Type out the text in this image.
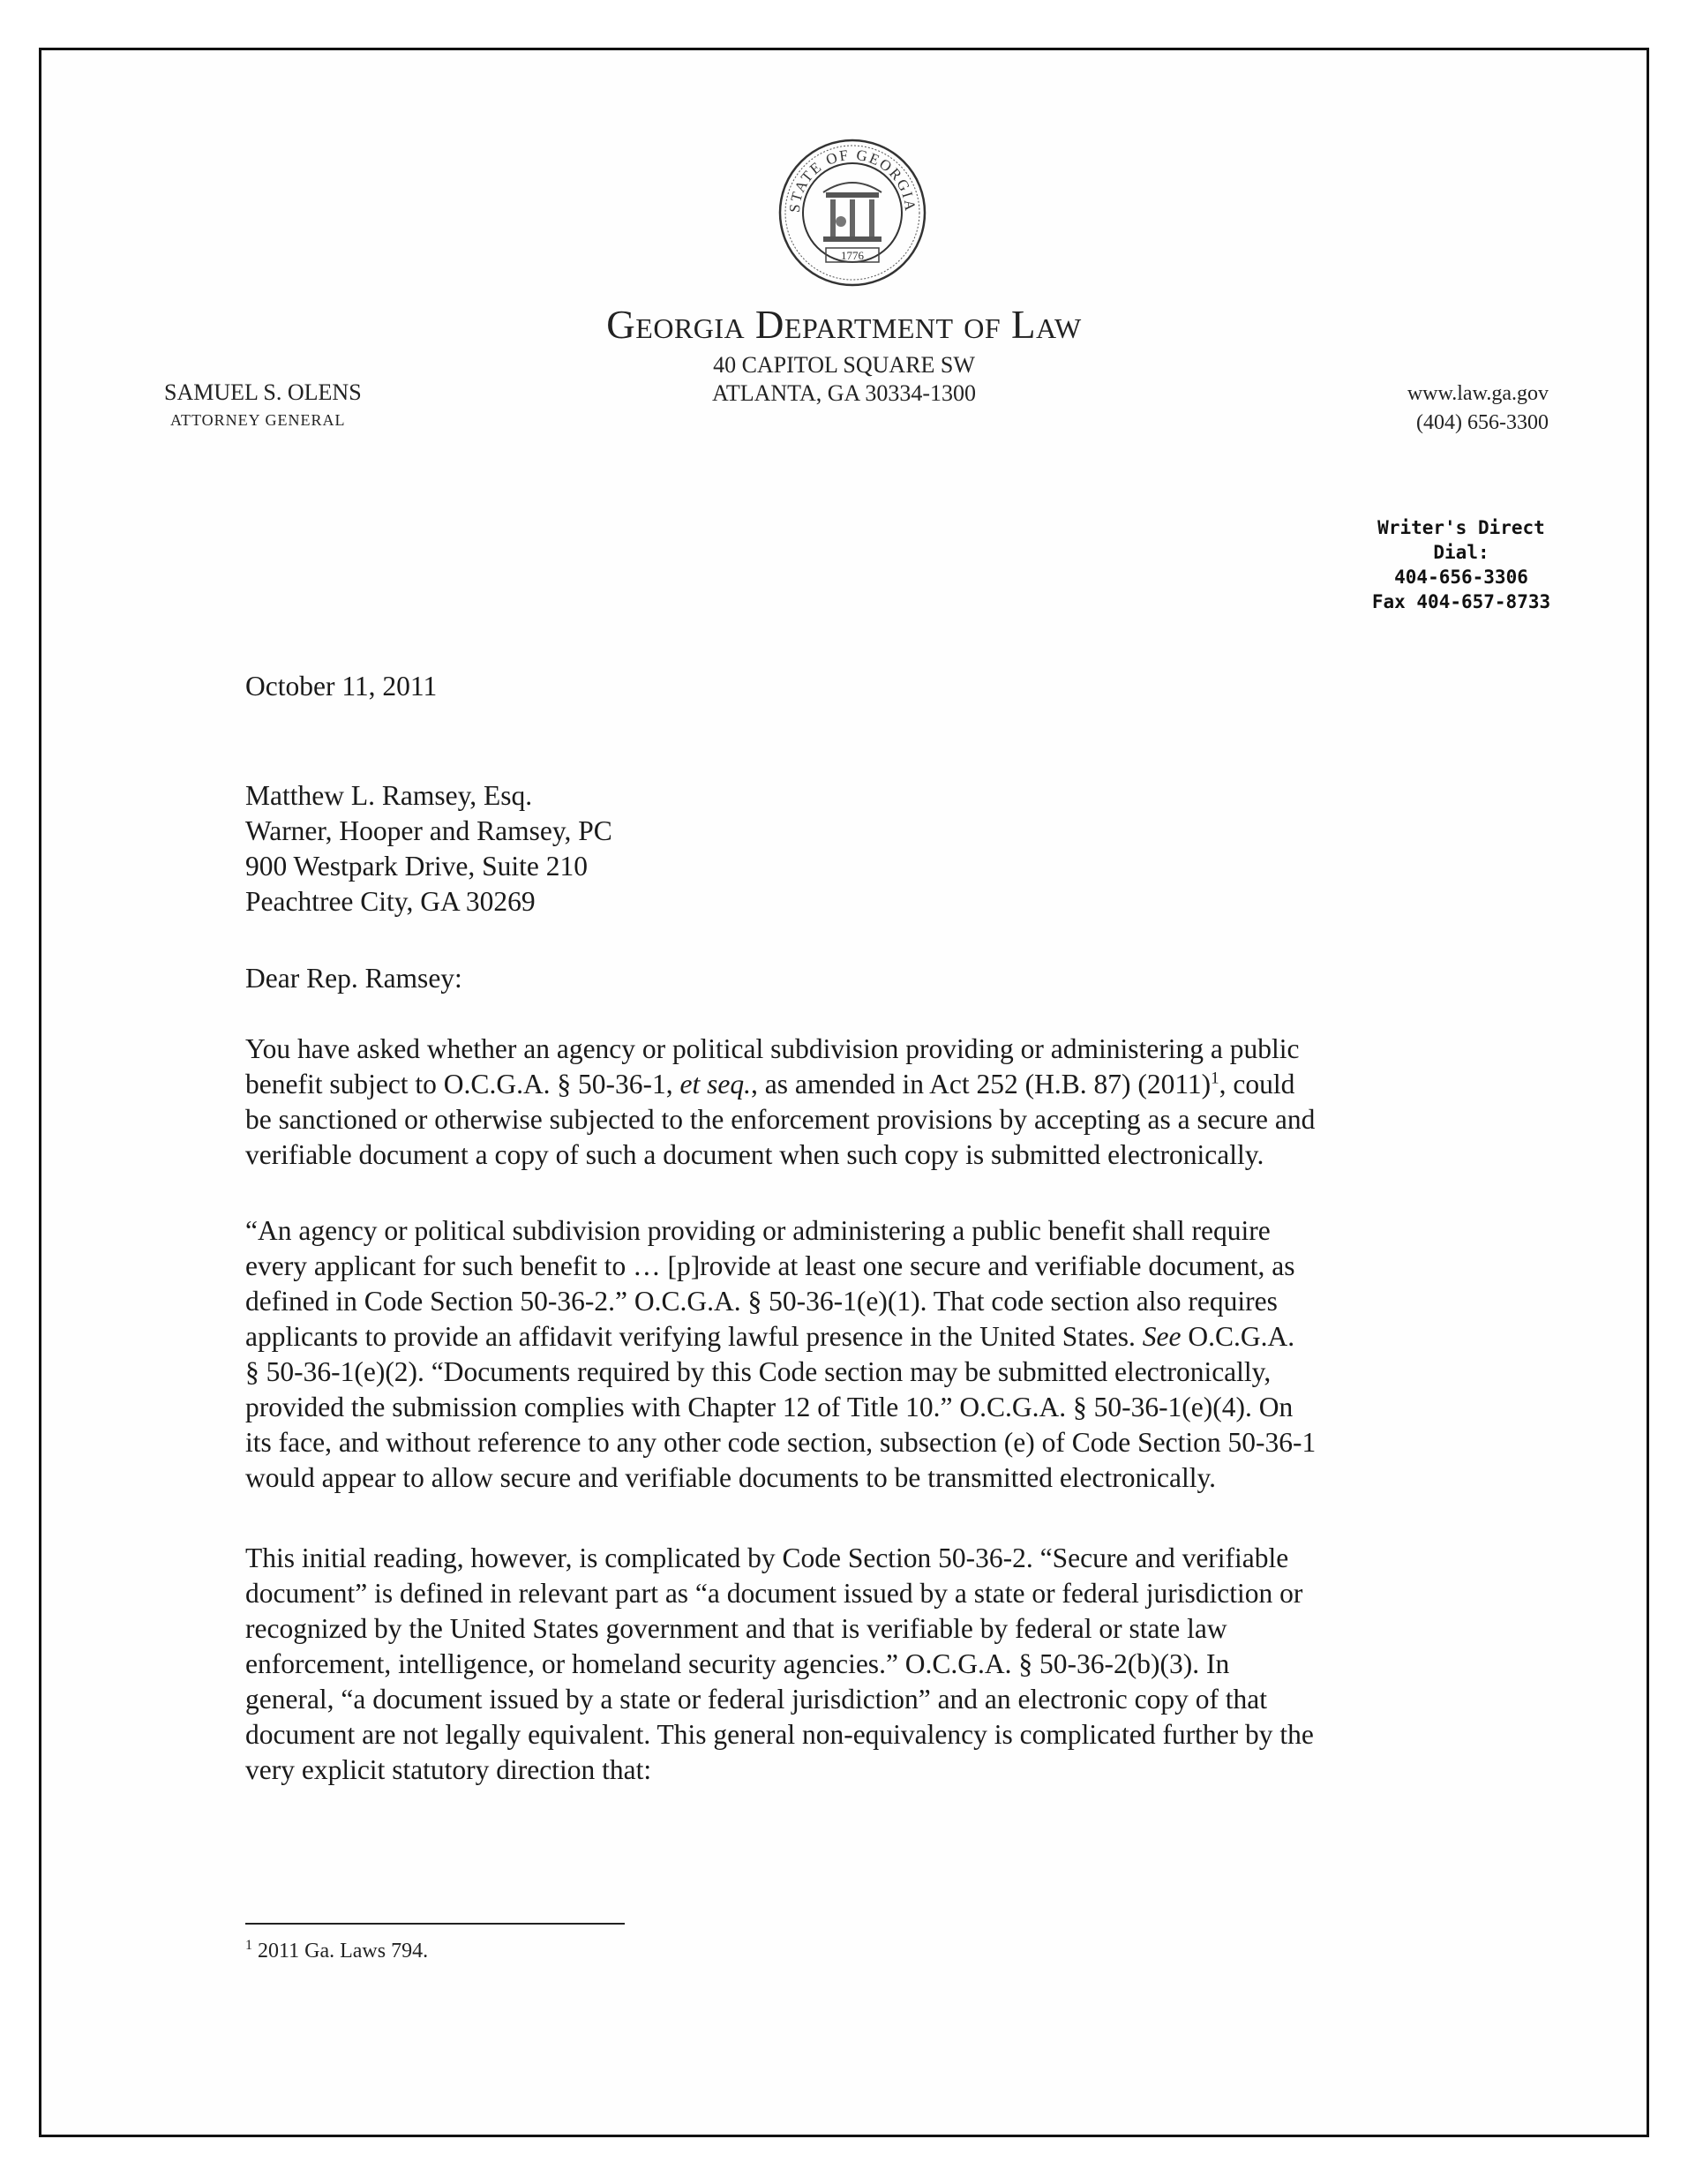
STATE OF GEORGIA
1776
Georgia Department of Law
40 CAPITOL SQUARE SW
ATLANTA, GA 30334-1300
SAMUEL S. OLENS
ATTORNEY GENERAL
www.law.ga.gov
(404) 656-3300
Writer's Direct
Dial:
404-656-3306
Fax 404-657-8733
October 11, 2011
Matthew L. Ramsey, Esq.
Warner, Hooper and Ramsey, PC
900 Westpark Drive, Suite 210
Peachtree City, GA 30269
Dear Rep. Ramsey:
You have asked whether an agency or political subdivision providing or administering a public
benefit subject to O.C.G.A. § 50-36-1, et seq., as amended in Act 252 (H.B. 87) $(2011)^1$, could
be sanctioned or otherwise subjected to the enforcement provisions by accepting as a secure and
verifiable document a copy of such a document when such copy is submitted electronically.
“An agency or political subdivision providing or administering a public benefit shall require
every applicant for such benefit to … [p]rovide at least one secure and verifiable document, as
defined in Code Section 50-36-2.” O.C.G.A. § 50-36-1(e)(1). That code section also requires
applicants to provide an affidavit verifying lawful presence in the United States. See O.C.G.A.
§ 50-36-1(e)(2). “Documents required by this Code section may be submitted electronically,
provided the submission complies with Chapter 12 of Title 10.” O.C.G.A. § 50-36-1(e)(4). On
its face, and without reference to any other code section, subsection (e) of Code Section 50-36-1
would appear to allow secure and verifiable documents to be transmitted electronically.
This initial reading, however, is complicated by Code Section 50-36-2. “Secure and verifiable
document” is defined in relevant part as “a document issued by a state or federal jurisdiction or
recognized by the United States government and that is verifiable by federal or state law
enforcement, intelligence, or homeland security agencies.” O.C.G.A. § 50-36-2(b)(3). In
general, “a document issued by a state or federal jurisdiction” and an electronic copy of that
document are not legally equivalent. This general non-equivalency is complicated further by the
very explicit statutory direction that:
$^1$ 2011 Ga. Laws 794.
